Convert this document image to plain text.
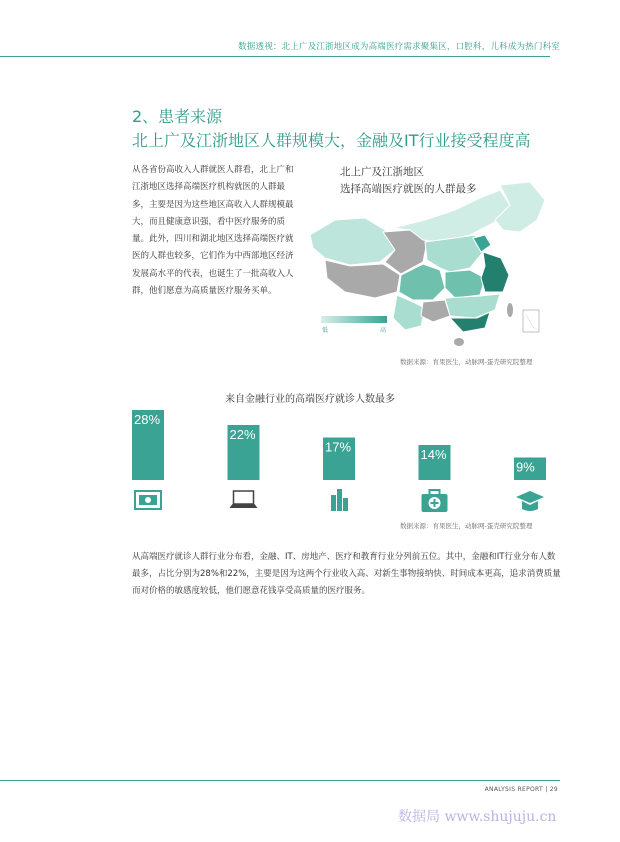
数据透视：北上广及江浙地区成为高端医疗需求聚集区，口腔科，儿科成为热门科室
2、患者来源
北上广及江浙地区人群规模大，金融及IT行业接受程度高
从各省份高收入人群就医人群看，北上广和江浙地区选择高端医疗机构就医的人群最多，主要是因为这些地区高收入人群规模最大，而且健康意识强，看中医疗服务的质量。此外，四川和湖北地区选择高端医疗就医的人群也较多，它们作为中西部地区经济发展高水平的代表，也诞生了一批高收入人群，他们愿意为高质量医疗服务买单。
北上广及江浙地区
选择高端医疗就医的人群最多
低	高
数据来源：育果医生，动脉网-蛋壳研究院整理
来自金融行业的高端医疗就诊人数最多
28%
22%
17%	14%
9%
数据来源：育果医生，动脉网-蛋壳研究院整理
从高端医疗就诊人群行业分布看，金融、IT、房地产、医疗和教育行业分列前五位。其中，金融和IT行业分布人数最多，占比分别为28%和22%，主要是因为这两个行业收入高、对新生事物接纳快、时间成本更高，追求消费质量而对价格的敏感度较低，他们愿意花钱享受高质量的医疗服务。
ANALYSIS REPORT | 29
数据局 www.shujuju.cn
